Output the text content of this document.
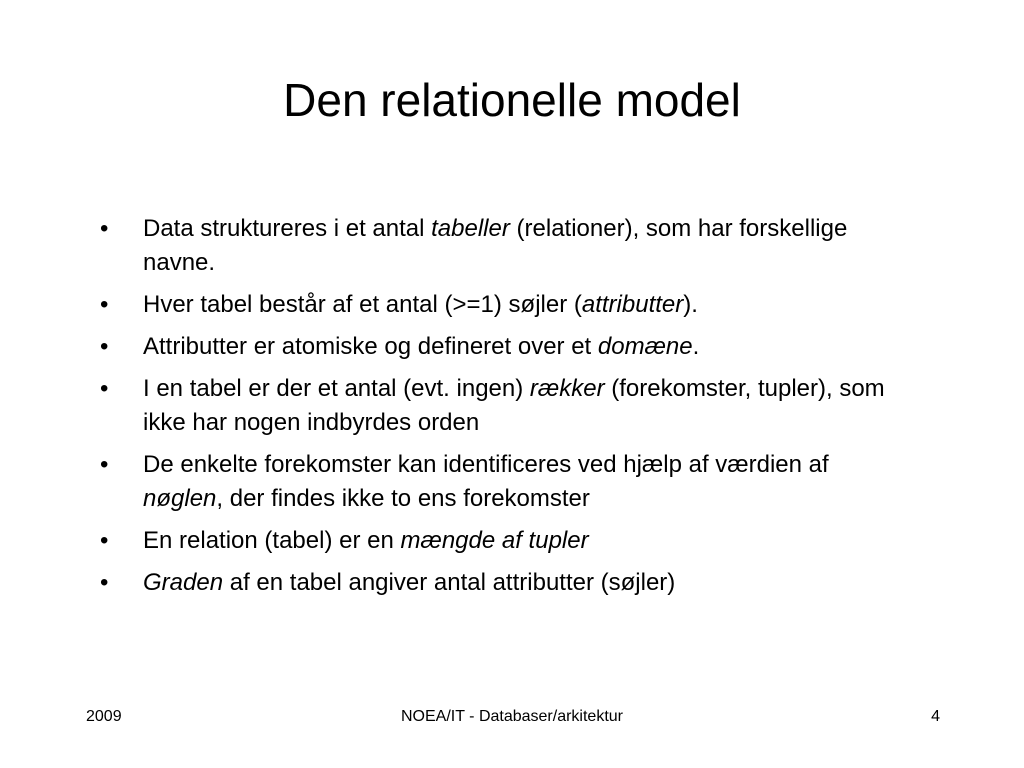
Den relationelle model
•	Data struktureres i et antal tabeller (relationer), som har forskellige navne.
•	Hver tabel består af et antal (>=1) søjler (attributter).
•	Attributter er atomiske og defineret over et domæne.
•	I en tabel er der et antal (evt. ingen) rækker (forekomster, tupler), som ikke har nogen indbyrdes orden
•	De enkelte forekomster kan identificeres ved hjælp af værdien af nøglen, der findes ikke to ens forekomster
•	En relation (tabel) er en mængde af tupler
•	Graden af en tabel angiver antal attributter (søjler)
2009	NOEA/IT - Databaser/arkitektur	4
